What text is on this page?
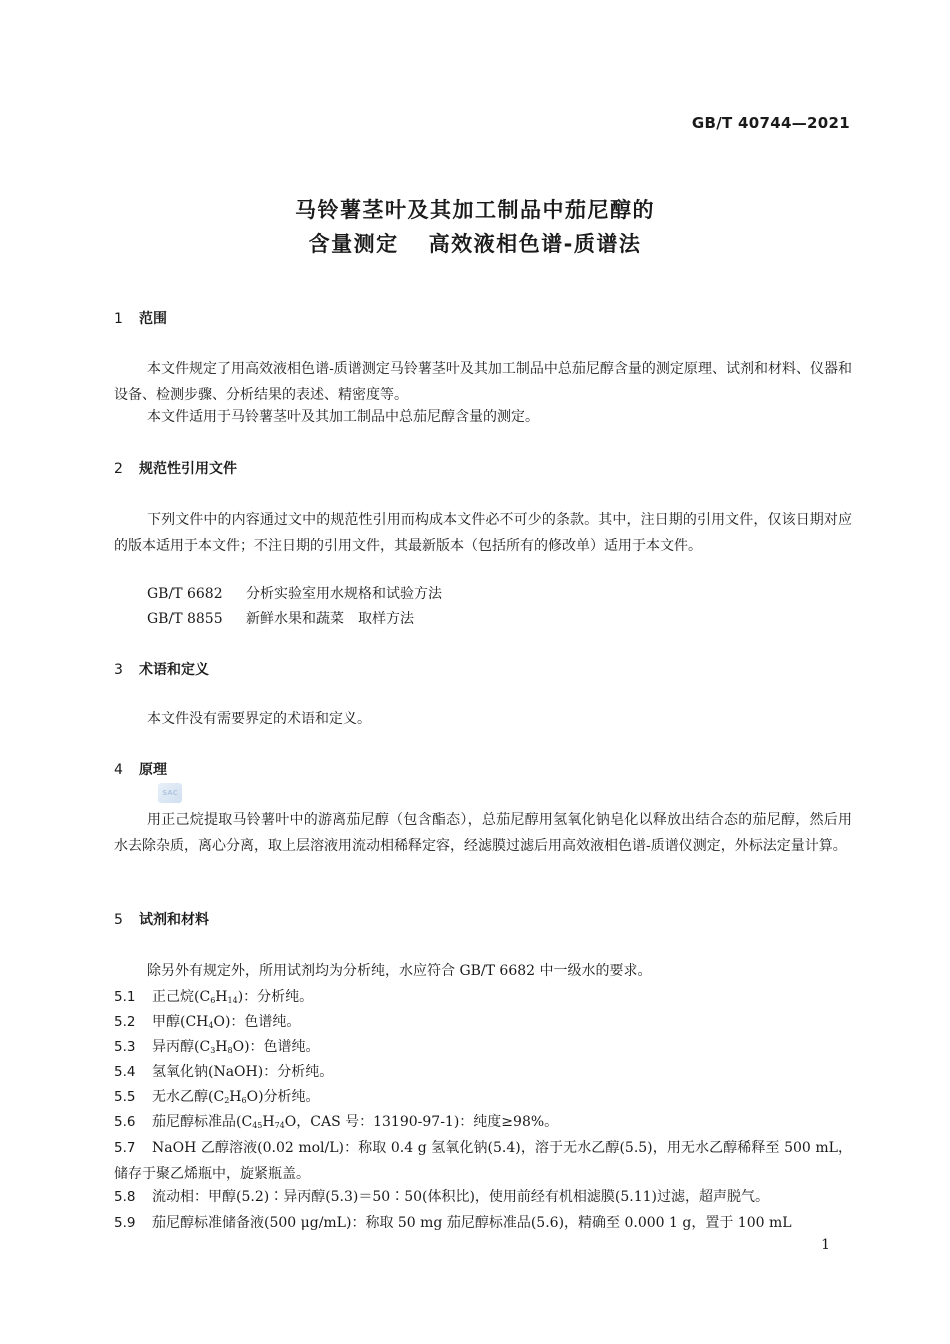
GB/T 40744—2021
马铃薯茎叶及其加工制品中茄尼醇的
含量测定 高效液相色谱-质谱法
1 范围
本文件规定了用高效液相色谱-质谱测定马铃薯茎叶及其加工制品中总茄尼醇含量的测定原理、试剂和材料、仪器和设备、检测步骤、分析结果的表述、精密度等。
本文件适用于马铃薯茎叶及其加工制品中总茄尼醇含量的测定。
2 规范性引用文件
下列文件中的内容通过文中的规范性引用而构成本文件必不可少的条款。其中，注日期的引用文件，仅该日期对应的版本适用于本文件；不注日期的引用文件，其最新版本（包括所有的修改单）适用于本文件。
GB/T 6682 分析实验室用水规格和试验方法
GB/T 8855 新鲜水果和蔬菜　取样方法
3 术语和定义
本文件没有需要界定的术语和定义。
4 原理
SAC
用正己烷提取马铃薯叶中的游离茄尼醇（包含酯态），总茄尼醇用氢氧化钠皂化以释放出结合态的茄尼醇，然后用水去除杂质，离心分离，取上层溶液用流动相稀释定容，经滤膜过滤后用高效液相色谱-质谱仪测定，外标法定量计算。
5 试剂和材料
除另外有规定外，所用试剂均为分析纯，水应符合 GB/T 6682 中一级水的要求。
5.1 正己烷$(C_6H_{14})$：分析纯。
5.2 甲醇$(CH_4O)$：色谱纯。
5.3 异丙醇$(C_3H_8O)$：色谱纯。
5.4 氢氧化钠(NaOH)：分析纯。
5.5 无水乙醇$(C_2H_6O)$分析纯。
5.6 茄尼醇标准品($C_{45}H_{74}O$，CAS 号：13190-97-1)：纯度≥98%。
5.7 NaOH 乙醇溶液(0.02 mol/L)：称取 0.4 g 氢氧化钠(5.4)，溶于无水乙醇(5.5)，用无水乙醇稀释至 500 mL，储存于聚乙烯瓶中，旋紧瓶盖。
5.8 流动相：甲醇(5.2)∶异丙醇(5.3)＝50∶50(体积比)，使用前经有机相滤膜(5.11)过滤，超声脱气。
5.9 茄尼醇标准储备液(500 μg/mL)：称取 50 mg 茄尼醇标准品(5.6)，精确至 0.000 1 g，置于 100 mL
1
